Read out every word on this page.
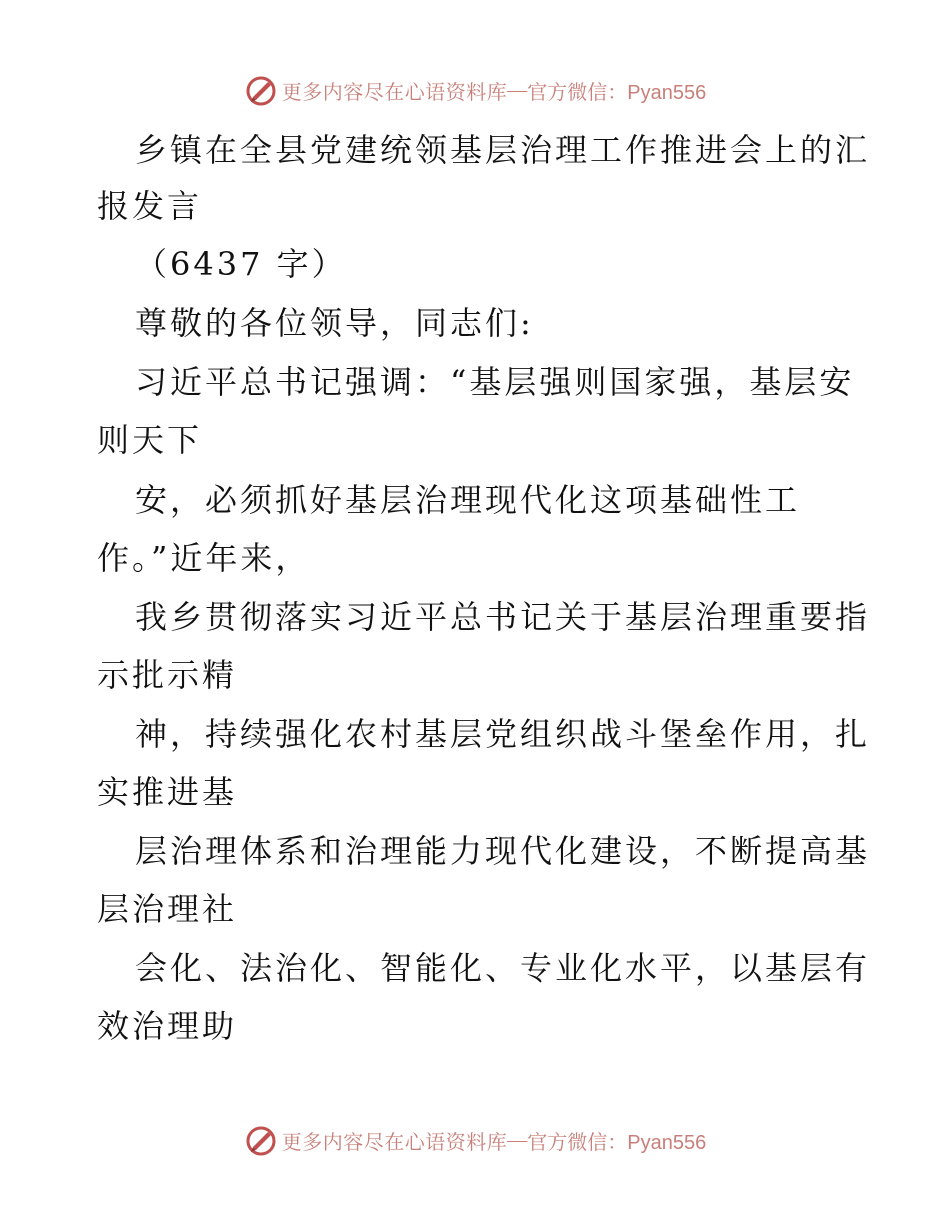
更多内容尽在心语资料库 — 官方微信：Pyan556
乡镇在全县党建统领基层治理工作推进会上的汇
报发言
（6437 字）
尊敬的各位领导，同志们:
习近平总书记强调：“基层强则国家强，基层安
则天下
安，必须抓好基层治理现代化这项基础性工
作。”近年来，
我乡贯彻落实习近平总书记关于基层治理重要指
示批示精
神，持续强化农村基层党组织战斗堡垒作用，扎
实推进基
层治理体系和治理能力现代化建设，不断提高基
层治理社
会化、法治化、智能化、专业化水平，以基层有
效治理助
更多内容尽在心语资料库 — 官方微信：Pyan556
